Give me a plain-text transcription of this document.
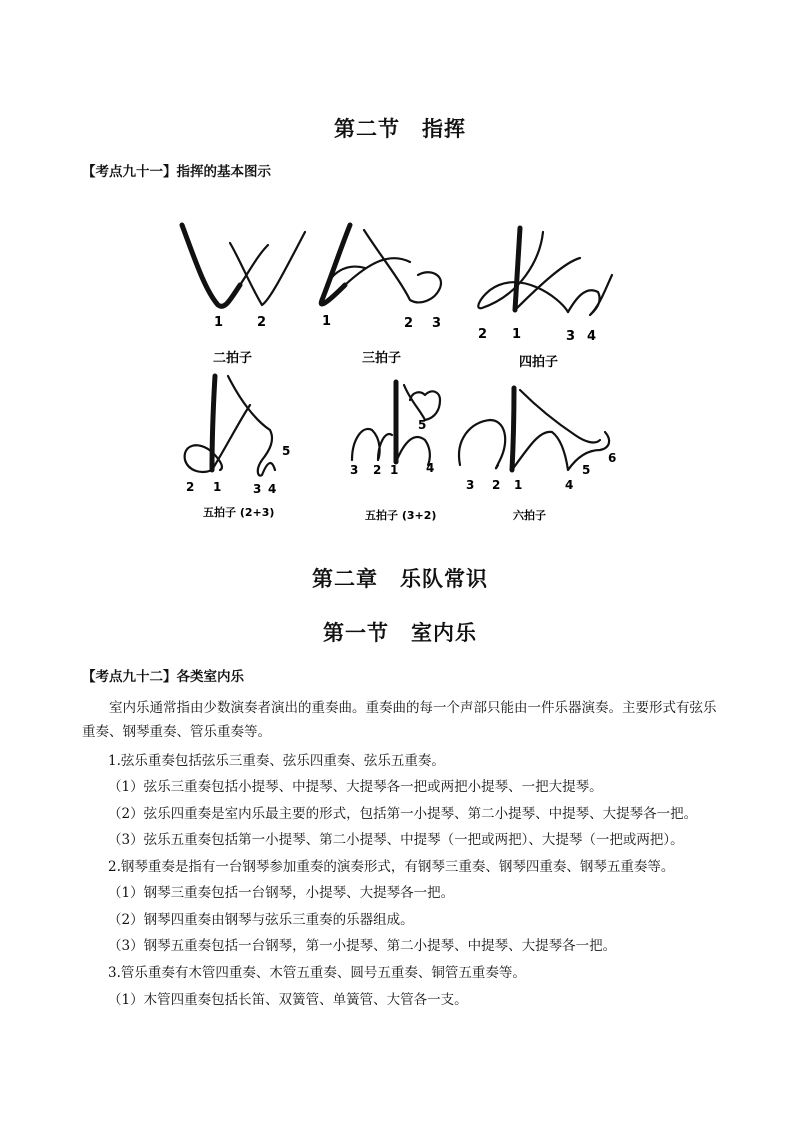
第二节　指挥
【考点九十一】指挥的基本图示
1	2
二拍子
1	2 3
三拍子
2 1	3 4
四拍子
2 1	3 4
5
五拍子 (2+3)
3 2 1 4
5
五拍子 (3+2)
3 2 1	4
5
6
六拍子
第二章　乐队常识
第一节　室内乐
【考点九十二】各类室内乐
室内乐通常指由少数演奏者演出的重奏曲。重奏曲的每一个声部只能由一件乐器演奏。主要形式有弦乐重奏、钢琴重奏、管乐重奏等。
1.弦乐重奏包括弦乐三重奏、弦乐四重奏、弦乐五重奏。
（1）弦乐三重奏包括小提琴、中提琴、大提琴各一把或两把小提琴、一把大提琴。
（2）弦乐四重奏是室内乐最主要的形式，包括第一小提琴、第二小提琴、中提琴、大提琴各一把。
（3）弦乐五重奏包括第一小提琴、第二小提琴、中提琴（一把或两把）、大提琴（一把或两把）。
2.钢琴重奏是指有一台钢琴参加重奏的演奏形式，有钢琴三重奏、钢琴四重奏、钢琴五重奏等。
（1）钢琴三重奏包括一台钢琴，小提琴、大提琴各一把。
（2）钢琴四重奏由钢琴与弦乐三重奏的乐器组成。
（3）钢琴五重奏包括一台钢琴，第一小提琴、第二小提琴、中提琴、大提琴各一把。
3.管乐重奏有木管四重奏、木管五重奏、圆号五重奏、铜管五重奏等。
（1）木管四重奏包括长笛、双簧管、单簧管、大管各一支。
